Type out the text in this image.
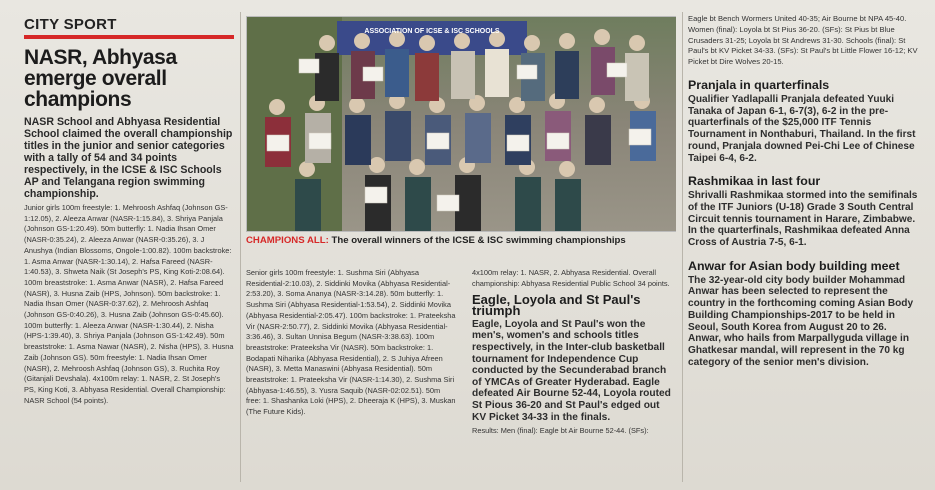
CITY SPORT
NASR, Abhyasa emerge overall champions

NASR School and Abhyasa Residential School claimed the overall championship titles in the junior and senior categories with a tally of 54 and 34 points respectively, in the ICSE & ISC Schools AP and Telangana region swimming championship.

Junior girls 100m freestyle: 1. Mehroosh Ashfaq (Johnson GS-1:12.05), 2. Aleeza Anwar (NASR-1:15.84), 3. Shriya Panjala (Johnson GS-1:20.49). 50m butterfly: 1. Nadia Ihsan Omer (NASR-0:35.24), 2. Aleeza Anwar (NASR-0:35.26), 3. J Anushya (Indian Blossoms, Ongole-1:00.82). 100m backstroke: 1. Asma Anwar (NASR-1:30.14), 2. Hafsa Fareed (NASR-1:40.53), 3. Shweta Naik (St Joseph's PS, King Koti-2:08.64). 100m breaststroke: 1. Asma Anwar (NASR), 2. Hafsa Fareed (NASR), 3. Husna Zaib (HPS, Johnson). 50m backstroke: 1. Nadia Ihsan Omer (NASR-0:37.62), 2. Mehroosh Ashfaq (Johnson GS-0:40.26), 3. Husna Zaib (Johnson GS-0:45.60). 100m butterfly: 1. Aleeza Anwar (NASR-1:30.44), 2. Nisha (HPS-1:39.40), 3. Shriya Panjala (Johnson GS-1:42.49). 50m breaststroke: 1. Asma Nawar (NASR), 2. Nisha (HPS), 3. Husna Zaib (Johnson GS). 50m freestyle: 1. Nadia Ihsan Omer (NASR), 2. Mehroosh Ashfaq (Johnson GS), 3. Ruchita Roy (Gitanjali Devshala). 4x100m relay: 1. NASR, 2. St Joseph's PS, King Koti, 3. Abhyasa Residential. Overall Championship: NASR School (54 points).

ASSOCIATION OF ICSE & ISC SCHOOLS
CHAMPIONS ALL: The overall winners of the ICSE & ISC swimming championships

Senior girls 100m freestyle: 1. Sushma Siri (Abhyasa Residential-2:10.03), 2. Siddinki Movika (Abhyasa Residential-2:53.20), 3. Soma Ananya (NASR-3:14.28). 50m butterfly: 1. Sushma Siri (Abhyasa Residential-1:53.54), 2. Siddinki Movika (Abhyasa Residential-2:05.47). 100m backstroke: 1. Prateeksha Vir (NASR-2:50.77), 2. Siddinki Movika (Abhyasa Residential-3:36.46), 3. Sultan Unnisa Begum (NASR-3:38.63). 100m breaststroke: Prateeksha Vir (NASR). 50m backstroke: 1. Bodapati Niharika (Abhyasa Residential), 2. S Juhiya Afreen (NASR), 3. Metta Manaswini (Abhyasa Residential). 50m breaststroke: 1. Prateeksha Vir (NASR-1:14.30), 2. Sushma Siri (Abhyasa-1:46.55), 3. Yusra Saquib (NASR-02:02.51). 50m free: 1. Shashanka Loki (HPS), 2. Dheeraja K (HPS), 3. Muskan (The Future Kids).

4x100m relay: 1. NASR, 2. Abhyasa Residential. Overall championship: Abhyasa Residential Public School 34 points.

Eagle, Loyola and St Paul's triumph

Eagle, Loyola and St Paul's won the men's, women's and schools titles respectively, in the Inter-club basketball tournament for Independence Cup conducted by the Secunderabad branch of YMCAs of Greater Hyderabad. Eagle defeated Air Bourne 52-44, Loyola routed St Pious 36-20 and St Paul's edged out KV Picket 34-33 in the finals.

Results: Men (final): Eagle bt Air Bourne 52-44. (SFs):

Eagle bt Bench Wormers United 40-35; Air Bourne bt NPA 45-40. Women (final): Loyola bt St Pius 36-20. (SFs): St Pius bt Blue Crusaders 31-25; Loyola bt St Andrews 31-30. Schools (final): St Paul's bt KV Picket 34-33. (SFs): St Paul's bt Little Flower 16-12; KV Picket bt Dire Wolves 20-15.

Pranjala in quarterfinals

Qualifier Yadlapalli Pranjala defeated Yuuki Tanaka of Japan 6-1, 6-7(3), 6-2 in the pre-quarterfinals of the $25,000 ITF Tennis Tournament in Nonthaburi, Thailand. In the first round, Pranjala downed Pei-Chi Lee of Chinese Taipei 6-4, 6-2.

Rashmikaa in last four

Shrivalli Rashmikaa stormed into the semifinals of the ITF Juniors (U-18) Grade 3 South Central Circuit tennis tournament in Harare, Zimbabwe. In the quarterfinals, Rashmikaa defeated Anna Cross of Austria 7-5, 6-1.

Anwar for Asian body building meet

The 32-year-old city body builder Mohammad Anwar has been selected to represent the country in the forthcoming coming Asian Body Building Championships-2017 to be held in Seoul, South Korea from August 20 to 26. Anwar, who hails from Marpallyguda village in Ghatkesar mandal, will represent in the 70 kg category of the senior men's division.
